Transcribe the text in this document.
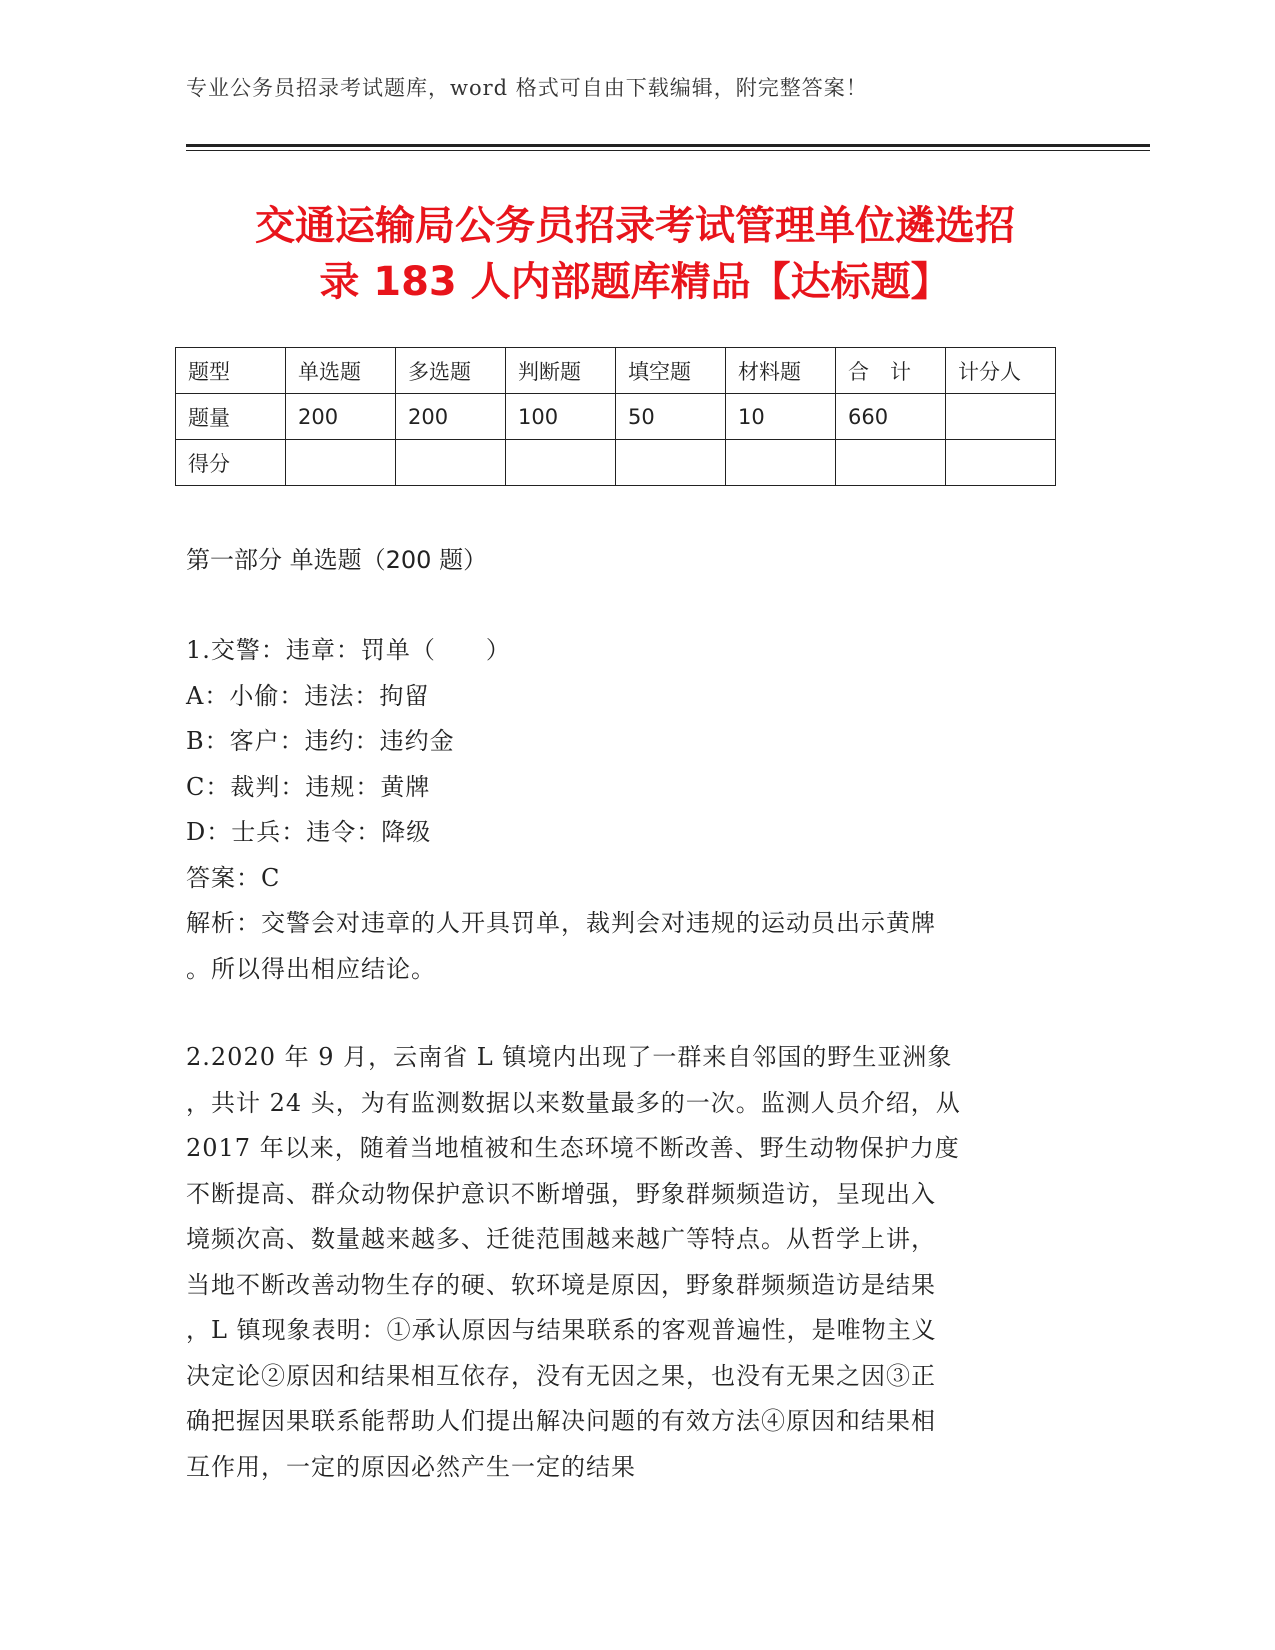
专业公务员招录考试题库，word 格式可自由下载编辑，附完整答案！
交通运输局公务员招录考试管理单位遴选招
录 183 人内部题库精品【达标题】
题型	单选题	多选题	判断题	填空题	材料题	合　计	计分人
题量	200	200	100	50	10	660	
得分							
第一部分 单选题（200 题）
1.交警：违章：罚单（　　）
A：小偷：违法：拘留
B：客户：违约：违约金
C：裁判：违规：黄牌
D：士兵：违令：降级
答案：C
解析：交警会对违章的人开具罚单，裁判会对违规的运动员出示黄牌
。所以得出相应结论。
2.2020 年 9 月，云南省 L 镇境内出现了一群来自邻国的野生亚洲象
，共计 24 头，为有监测数据以来数量最多的一次。监测人员介绍，从
2017 年以来，随着当地植被和生态环境不断改善、野生动物保护力度
不断提高、群众动物保护意识不断增强，野象群频频造访，呈现出入
境频次高、数量越来越多、迁徙范围越来越广等特点。从哲学上讲，
当地不断改善动物生存的硬、软环境是原因，野象群频频造访是结果
，L 镇现象表明：①承认原因与结果联系的客观普遍性，是唯物主义
决定论②原因和结果相互依存，没有无因之果，也没有无果之因③正
确把握因果联系能帮助人们提出解决问题的有效方法④原因和结果相
互作用，一定的原因必然产生一定的结果
